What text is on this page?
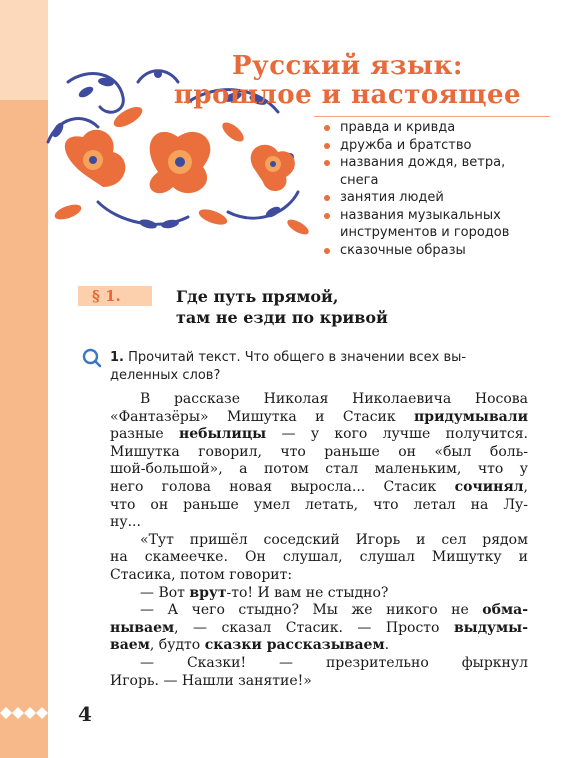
Русский язык:
прошлое и настоящее
правда и кривда
дружба и братство
названия дождя, ветра,
снега
занятия людей
названия музыкальных
инструментов и городов
сказочные образы
§ 1.	Где путь прямой,
там не езди по кривой
1. Прочитай текст. Что общего в значении всех вы-
деленных слов?
В рассказе Николая Николаевича Носова
«Фантазёры» Мишутка и Стасик придумывали
разные небылицы — у кого лучше получится.
Мишутка говорил, что раньше он «был боль-
шой-большой», а потом стал маленьким, что у
него голова новая выросла... Стасик сочинял,
что он раньше умел летать, что летал на Лу-
ну...
«Тут пришёл соседский Игорь и сел рядом
на скамеечке. Он слушал, слушал Мишутку и
Стасика, потом говорит:
— Вот врут-то! И вам не стыдно?
— А чего стыдно? Мы же никого не обма-
нываем, — сказал Стасик. — Просто выдумы-
ваем, будто сказки рассказываем.
— Сказки! — презрительно фыркнул
Игорь. — Нашли занятие!»
4
